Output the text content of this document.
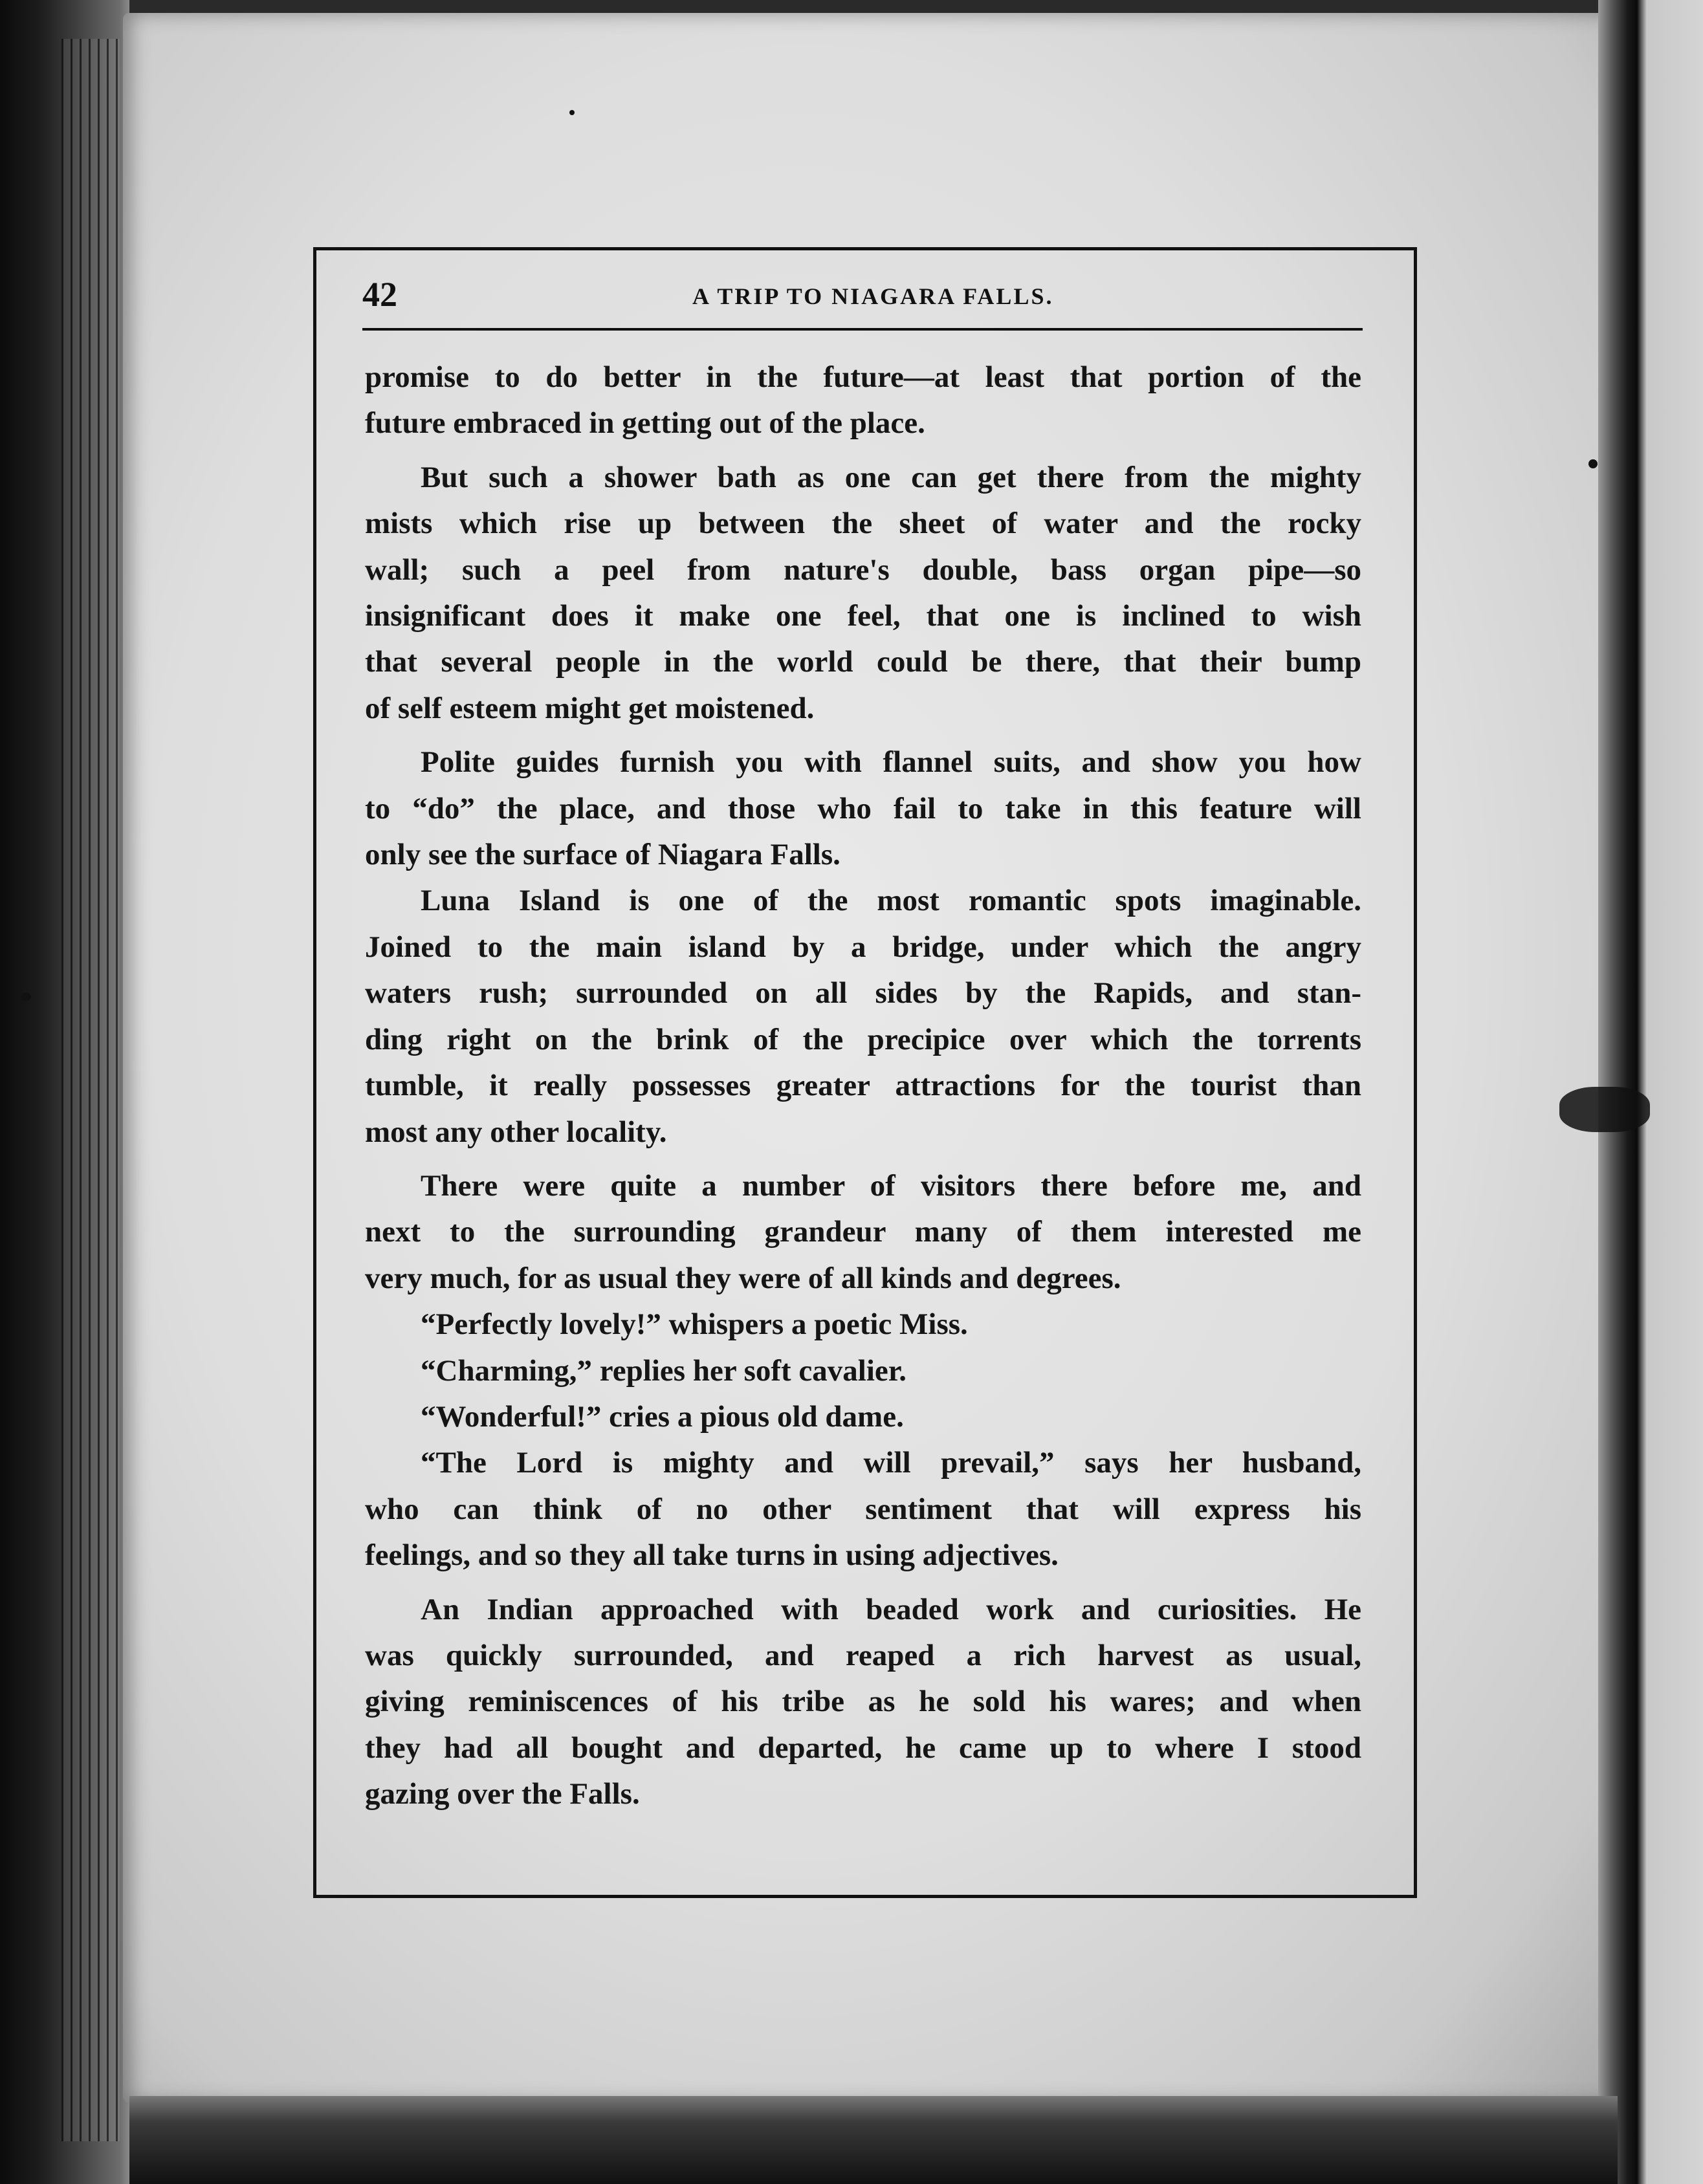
42	A TRIP TO NIAGARA FALLS.
promise to do better in the future—at least that portion of the
future embraced in getting out of the place.
But such a shower bath as one can get there from the mighty
mists which rise up between the sheet of water and the rocky
wall; such a peel from nature's double, bass organ pipe—so
insignificant does it make one feel, that one is inclined to wish
that several people in the world could be there, that their bump
of self esteem might get moistened.
Polite guides furnish you with flannel suits, and show you how
to “do” the place, and those who fail to take in this feature will
only see the surface of Niagara Falls.
Luna Island is one of the most romantic spots imaginable.
Joined to the main island by a bridge, under which the angry
waters rush; surrounded on all sides by the Rapids, and stan-
ding right on the brink of the precipice over which the torrents
tumble, it really possesses greater attractions for the tourist than
most any other locality.
There were quite a number of visitors there before me, and
next to the surrounding grandeur many of them interested me
very much, for as usual they were of all kinds and degrees.
“Perfectly lovely!” whispers a poetic Miss.
“Charming,” replies her soft cavalier.
“Wonderful!” cries a pious old dame.
“The Lord is mighty and will prevail,” says her husband,
who can think of no other sentiment that will express his
feelings, and so they all take turns in using adjectives.
An Indian approached with beaded work and curiosities. He
was quickly surrounded, and reaped a rich harvest as usual,
giving reminiscences of his tribe as he sold his wares; and when
they had all bought and departed, he came up to where I stood
gazing over the Falls.
